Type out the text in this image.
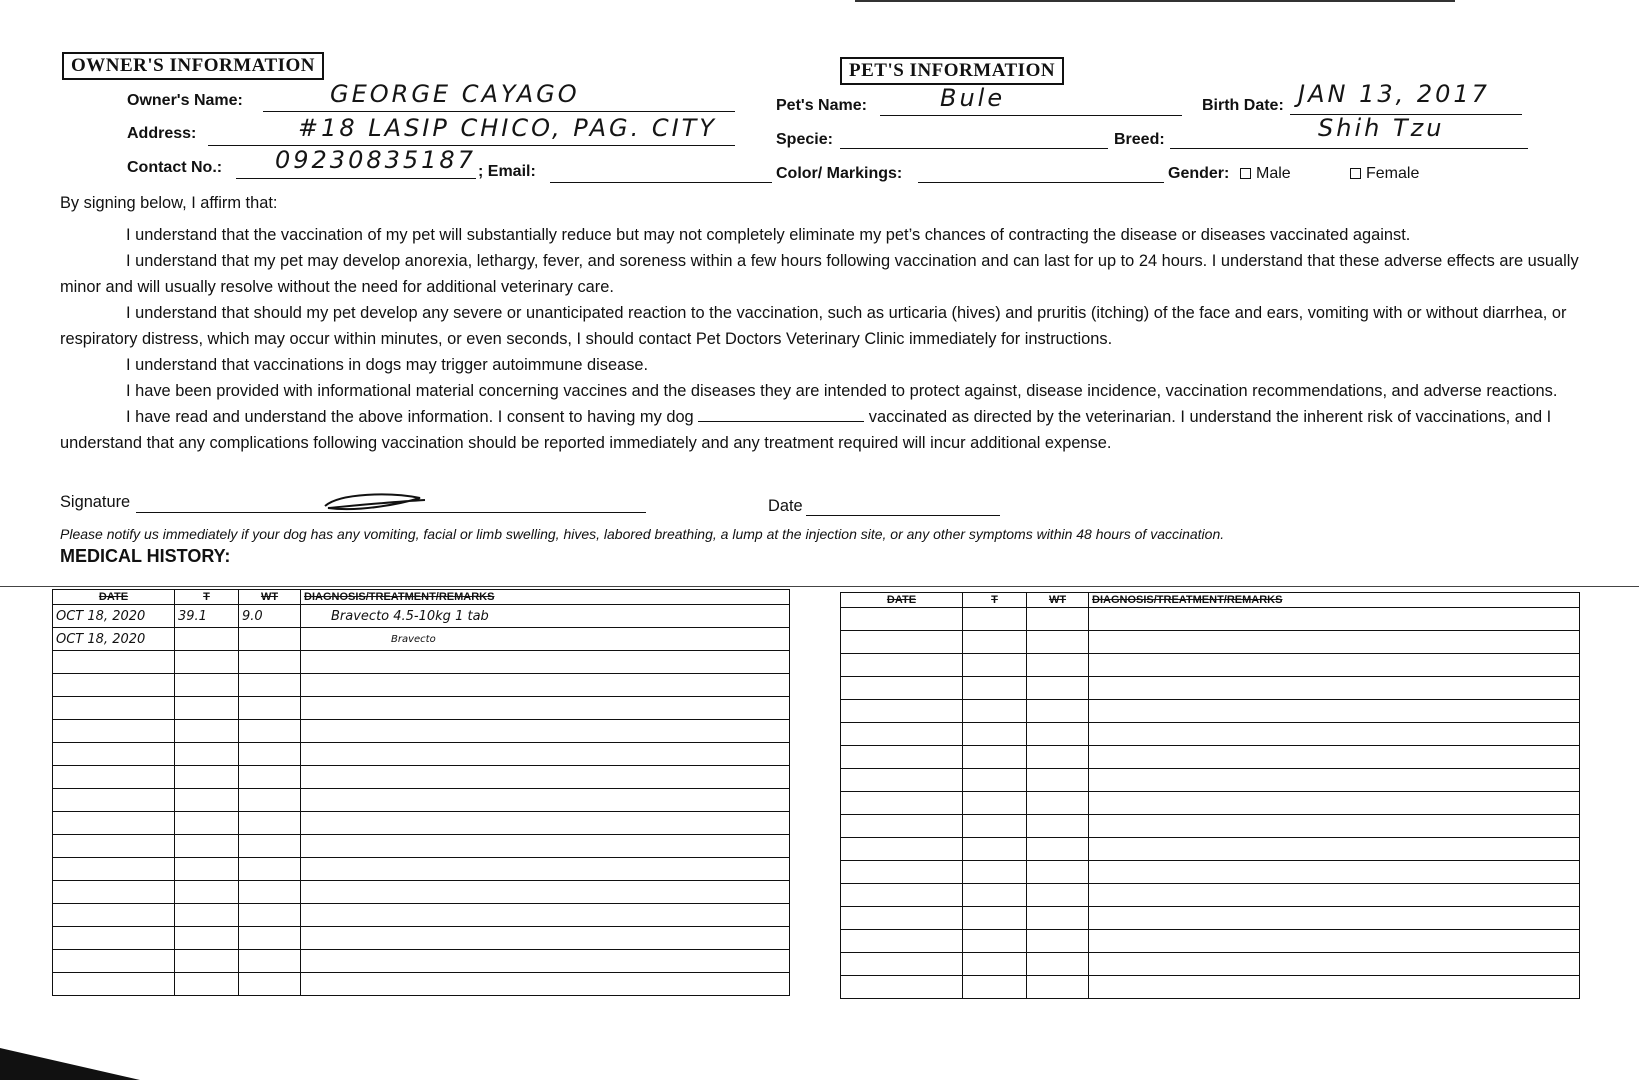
OWNER'S INFORMATION
Owner's Name:	GEORGE CAYAGO
Address:	#18 LASIP CHICO, PAG. CITY
Contact No.: 09230835187 ; Email:
PET'S INFORMATION
Pet's Name:	Bule	Birth Date: JAN 13, 2017
Specie:	Breed:	Shih Tzu
Color/ Markings:	Gender:	Male	Female
By signing below, I affirm that:

I understand that the vaccination of my pet will substantially reduce but may not completely eliminate my pet’s chances of contracting the disease or diseases vaccinated against.

I understand that my pet may develop anorexia, lethargy, fever, and soreness within a few hours following vaccination and can last for up to 24 hours. I understand that these adverse effects are usually minor and will usually resolve without the need for additional veterinary care.

I understand that should my pet develop any severe or unanticipated reaction to the vaccination, such as urticaria (hives) and pruritis (itching) of the face and ears, vomiting with or without diarrhea, or respiratory distress, which may occur within minutes, or even seconds, I should contact Pet Doctors Veterinary Clinic immediately for instructions.

I understand that vaccinations in dogs may trigger autoimmune disease.

I have been provided with informational material concerning vaccines and the diseases they are intended to protect against, disease incidence, vaccination recommendations, and adverse reactions.

I have read and understand the above information. I consent to having my dog	vaccinated as directed by the veterinarian. I understand the inherent risk of vaccinations, and I understand that any complications following vaccination should be reported immediately and any treatment required will incur additional expense.

Signature	Date
Please notify us immediately if your dog has any vomiting, facial or limb swelling, hives, labored breathing, a lump at the injection site, or any other symptoms within 48 hours of vaccination.
MEDICAL HISTORY:
DATE	T	WT	DIAGNOSIS/TREATMENT/REMARKS
OCT 18, 2020	39.1	9.0	Bravecto 4.5-10kg 1 tab
OCT 18, 2020			Bravecto

DATE	T	WT	DIAGNOSIS/TREATMENT/REMARKS
